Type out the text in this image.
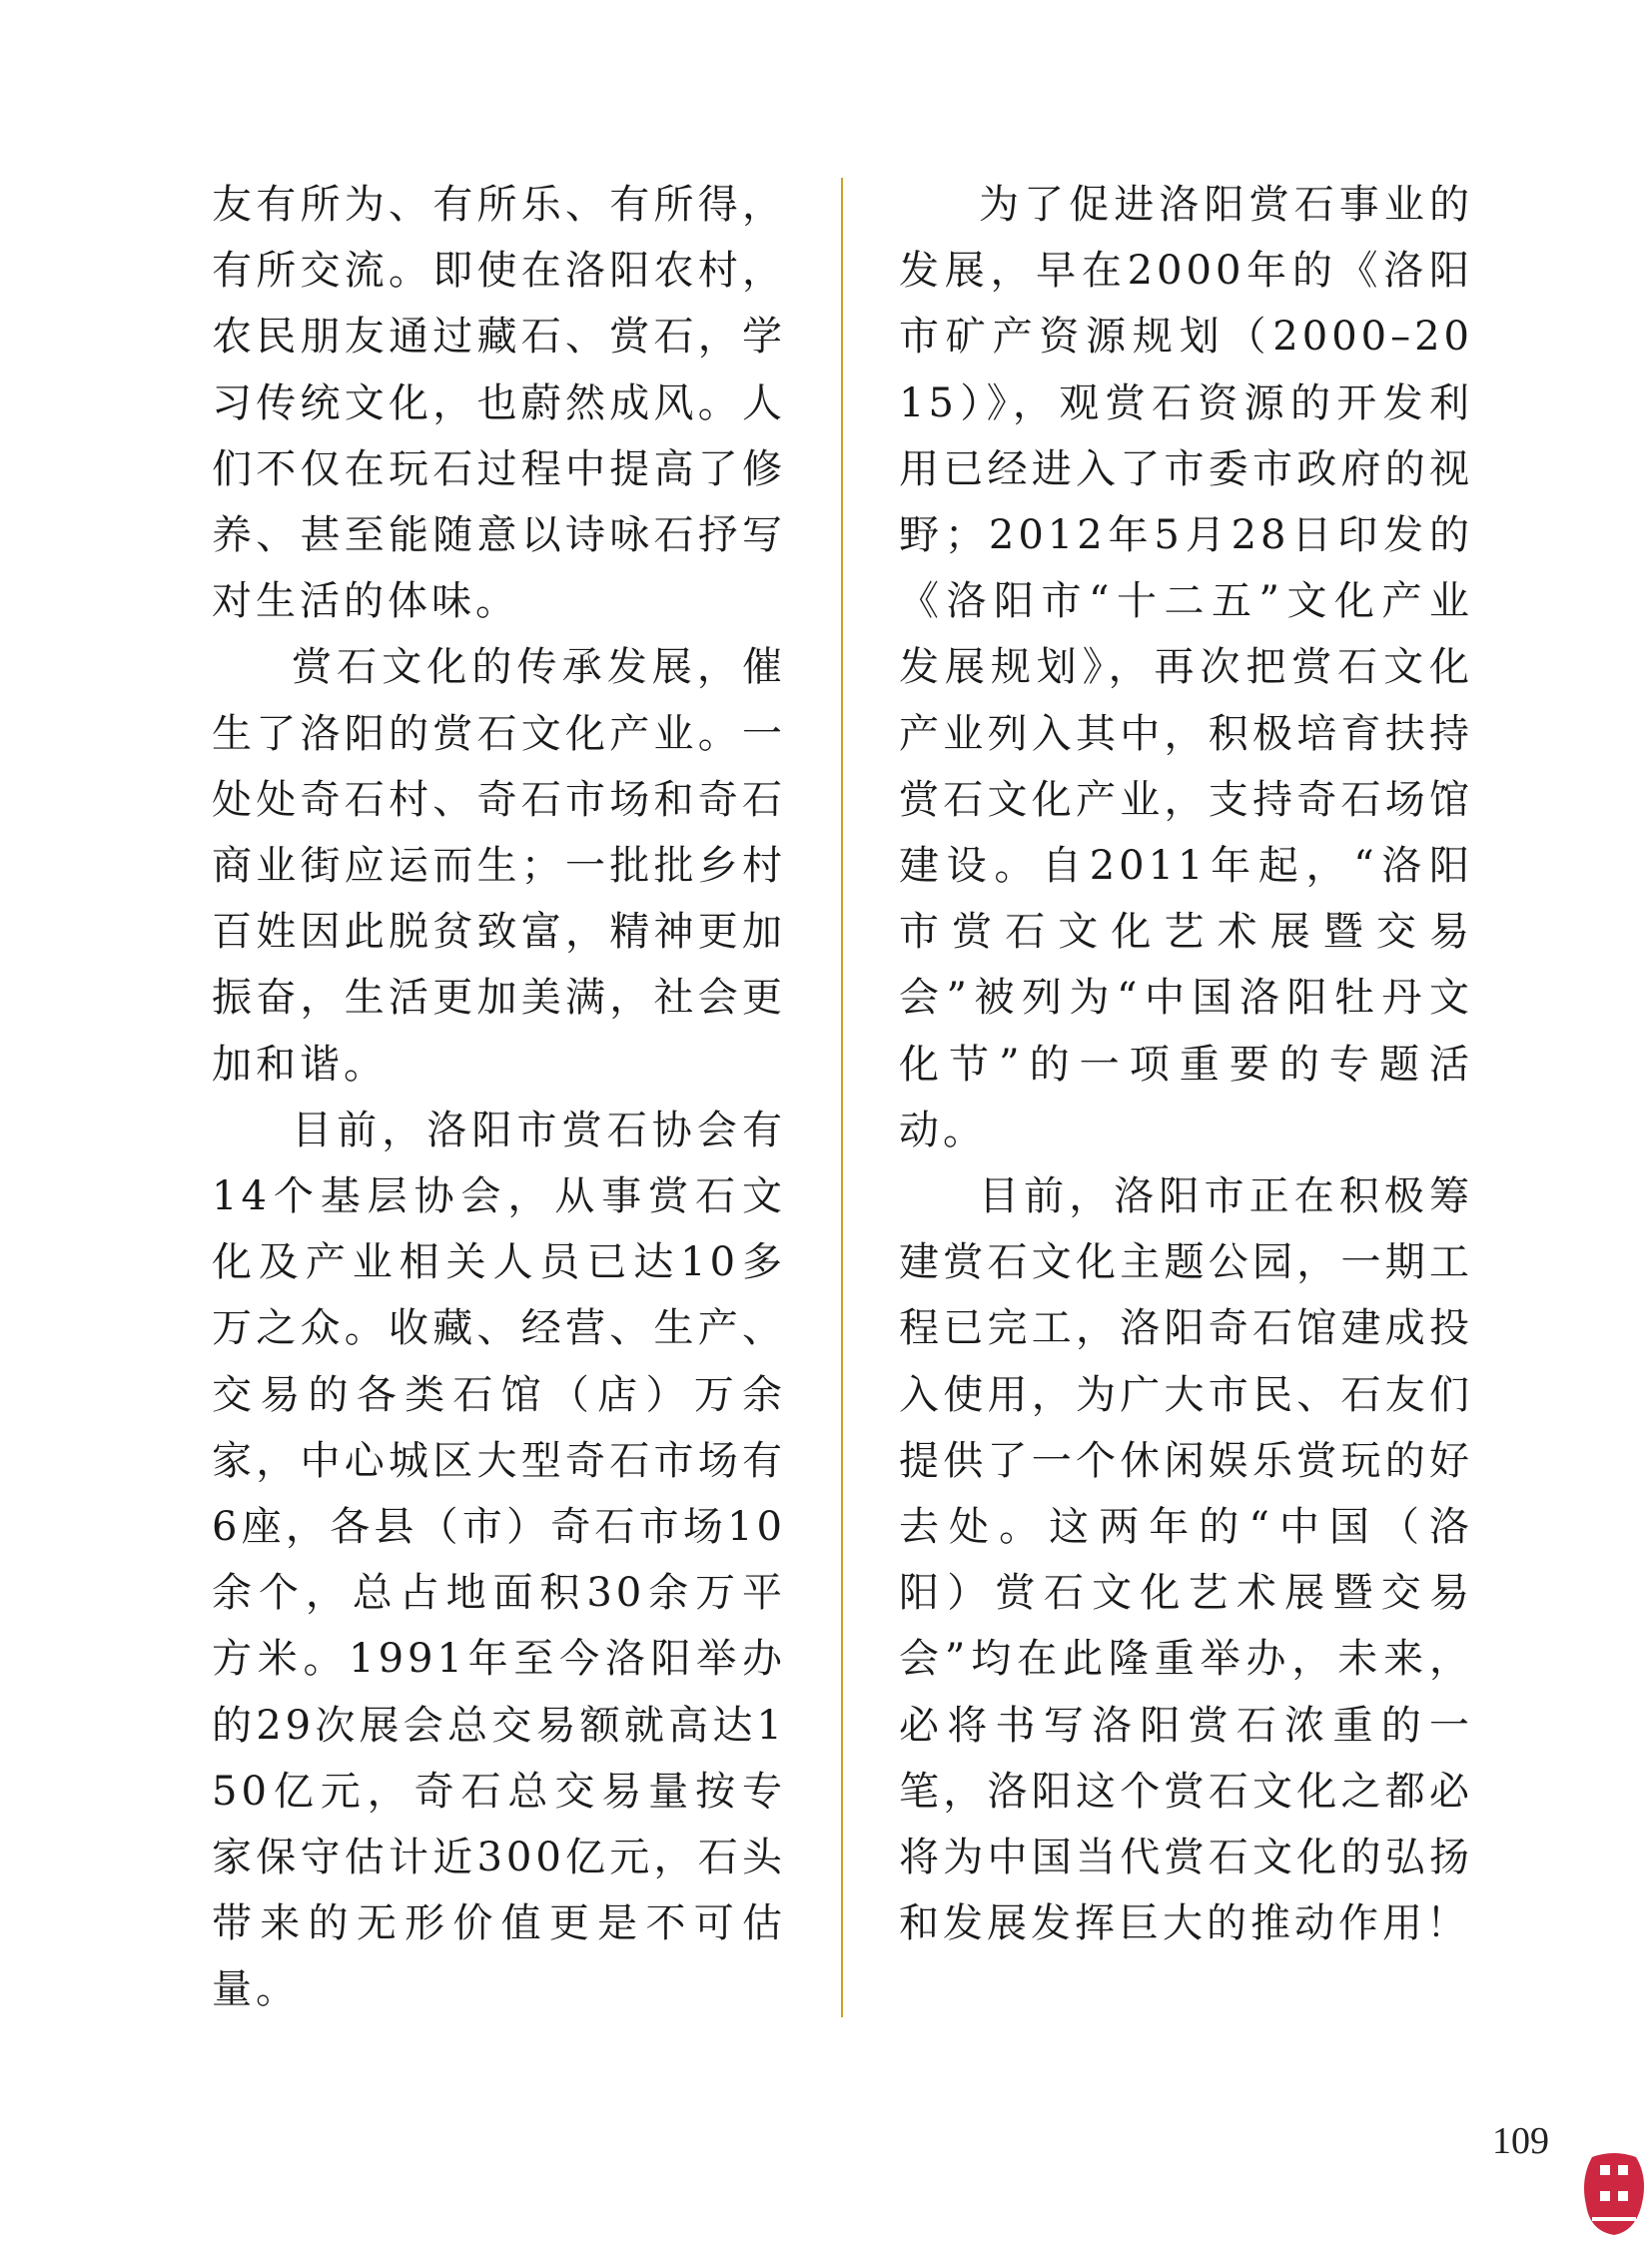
友有所为、有所乐、有所得，有所交流。即使在洛阳农村，农民朋友通过藏石、赏石，学习传统文化，也蔚然成风。人们不仅在玩石过程中提高了修养、甚至能随意以诗咏石抒写对生活的体味。

赏石文化的传承发展，催生了洛阳的赏石文化产业。一处处奇石村、奇石市场和奇石商业街应运而生；一批批乡村百姓因此脱贫致富，精神更加振奋，生活更加美满，社会更加和谐。

目前，洛阳市赏石协会有14个基层协会，从事赏石文化及产业相关人员已达10多万之众。收藏、经营、生产、交易的各类石馆（店）万余家，中心城区大型奇石市场有6座，各县（市）奇石市场10余个，总占地面积30余万平方米。1991年至今洛阳举办的29次展会总交易额就高达150亿元，奇石总交易量按专家保守估计近300亿元，石头带来的无形价值更是不可估量。

为了促进洛阳赏石事业的发展，早在2000年的《洛阳市矿产资源规划（2000–2015）》，观赏石资源的开发利用已经进入了市委市政府的视野；2012年5月28日印发的《洛阳市“十二五”文化产业发展规划》，再次把赏石文化产业列入其中，积极培育扶持赏石文化产业，支持奇石场馆建设。自2011年起，“洛阳市赏石文化艺术展暨交易会”被列为“中国洛阳牡丹文化节”的一项重要的专题活动。

目前，洛阳市正在积极筹建赏石文化主题公园，一期工程已完工，洛阳奇石馆建成投入使用，为广大市民、石友们提供了一个休闲娱乐赏玩的好去处。这两年的“中国（洛阳）赏石文化艺术展暨交易会”均在此隆重举办，未来，必将书写洛阳赏石浓重的一笔，洛阳这个赏石文化之都必将为中国当代赏石文化的弘扬和发展发挥巨大的推动作用！

109
